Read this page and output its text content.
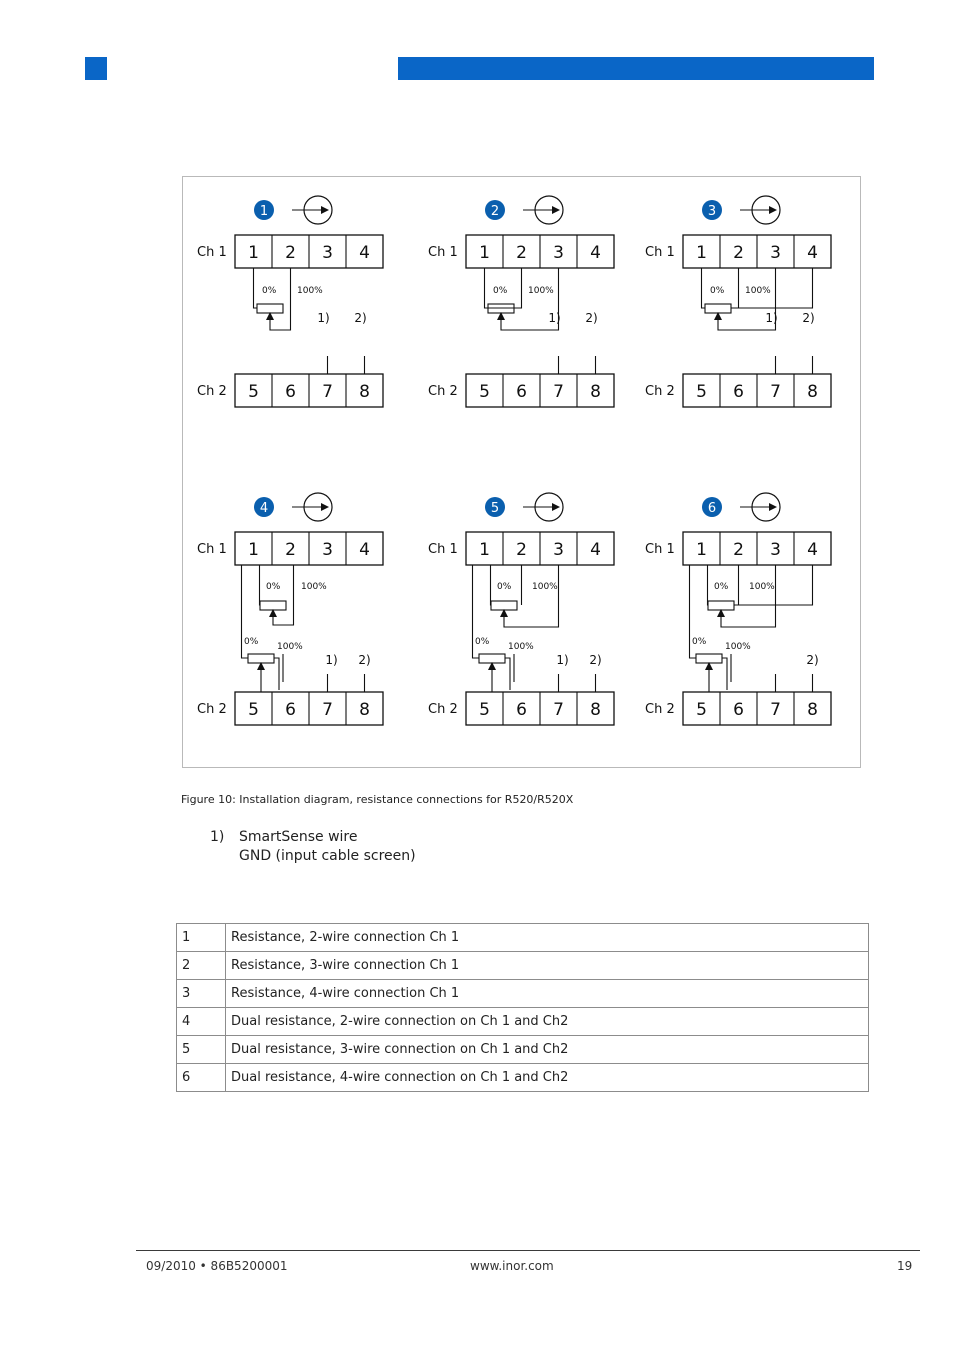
Ch 1
Ch 2
1
1 2 3 4
5 6 7 8
0% 100%
1) 2)
Ch 1
Ch 2
2
1 2 3 4
5 6 7 8
0% 100%
1) 2)
Ch 1
Ch 2
3
1 2 3 4
5 6 7 8
0% 100%
1) 2)
Ch 1
Ch 2
4
1 2 3 4
5 6 7 8
0% 100%
0% 100%
1) 2)
Ch 1
Ch 2
5
1 2 3 4
5 6 7 8
0% 100%
0% 100%
1) 2)
Ch 1
Ch 2
6
1 2 3 4
5 6 7 8
0% 100%
0% 100%
2)
Figure 10: Installation diagram, resistance connections for R520/R520X
1) SmartSense wire
GND (input cable screen)
1	Resistance, 2-wire connection Ch 1
2	Resistance, 3-wire connection Ch 1
3	Resistance, 4-wire connection Ch 1
4	Dual resistance, 2-wire connection on Ch 1 and Ch2
5	Dual resistance, 3-wire connection on Ch 1 and Ch2
6	Dual resistance, 4-wire connection on Ch 1 and Ch2
09/2010 • 86B5200001	www.inor.com	19
